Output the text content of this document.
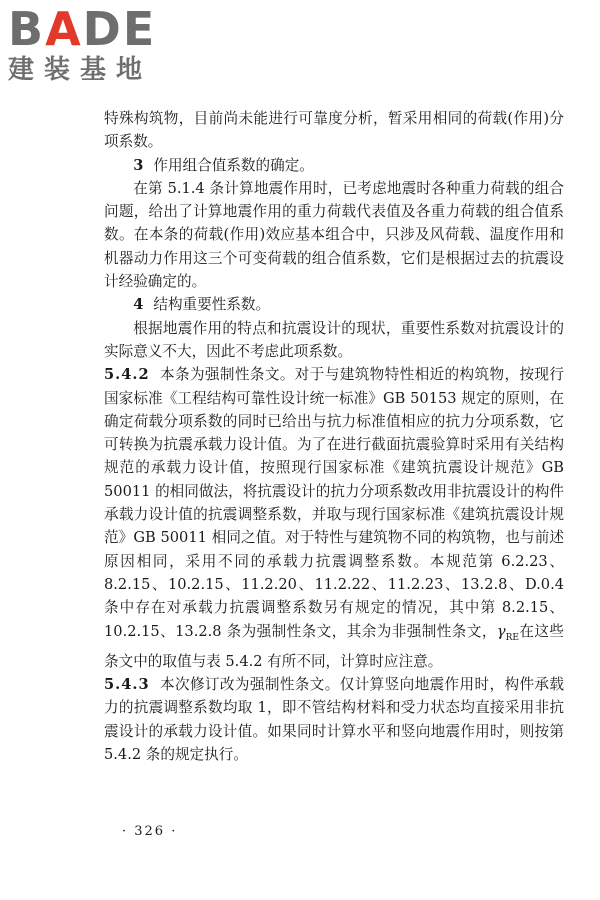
BADE
建装基地

特殊构筑物，目前尚未能进行可靠度分析，暂采用相同的荷载(作用)分项系数。

3 作用组合值系数的确定。

在第 5.1.4 条计算地震作用时，已考虑地震时各种重力荷载的组合问题，给出了计算地震作用的重力荷载代表值及各重力荷载的组合值系数。在本条的荷载(作用)效应基本组合中，只涉及风荷载、温度作用和机器动力作用这三个可变荷载的组合值系数，它们是根据过去的抗震设计经验确定的。

4 结构重要性系数。

根据地震作用的特点和抗震设计的现状，重要性系数对抗震设计的实际意义不大，因此不考虑此项系数。

5.4.2 本条为强制性条文。对于与建筑物特性相近的构筑物，按现行国家标准《工程结构可靠性设计统一标准》GB 50153 规定的原则，在确定荷载分项系数的同时已给出与抗力标准值相应的抗力分项系数，它可转换为抗震承载力设计值。为了在进行截面抗震验算时采用有关结构规范的承载力设计值，按照现行国家标准《建筑抗震设计规范》GB 50011 的相同做法，将抗震设计的抗力分项系数改用非抗震设计的构件承载力设计值的抗震调整系数，并取与现行国家标准《建筑抗震设计规范》GB 50011 相同之值。对于特性与建筑物不同的构筑物，也与前述原因相同，采用不同的承载力抗震调整系数。本规范第 6.2.23、8.2.15、10.2.15、11.2.20、11.2.22、11.2.23、13.2.8、D.0.4 条中存在对承载力抗震调整系数另有规定的情况，其中第 8.2.15、10.2.15、13.2.8 条为强制性条文，其余为非强制性条文，$\gamma_{RE}$在这些条文中的取值与表 5.4.2 有所不同，计算时应注意。

5.4.3 本次修订改为强制性条文。仅计算竖向地震作用时，构件承载力的抗震调整系数均取 1，即不管结构材料和受力状态均直接采用非抗震设计的承载力设计值。如果同时计算水平和竖向地震作用时，则按第 5.4.2 条的规定执行。

· 326 ·
